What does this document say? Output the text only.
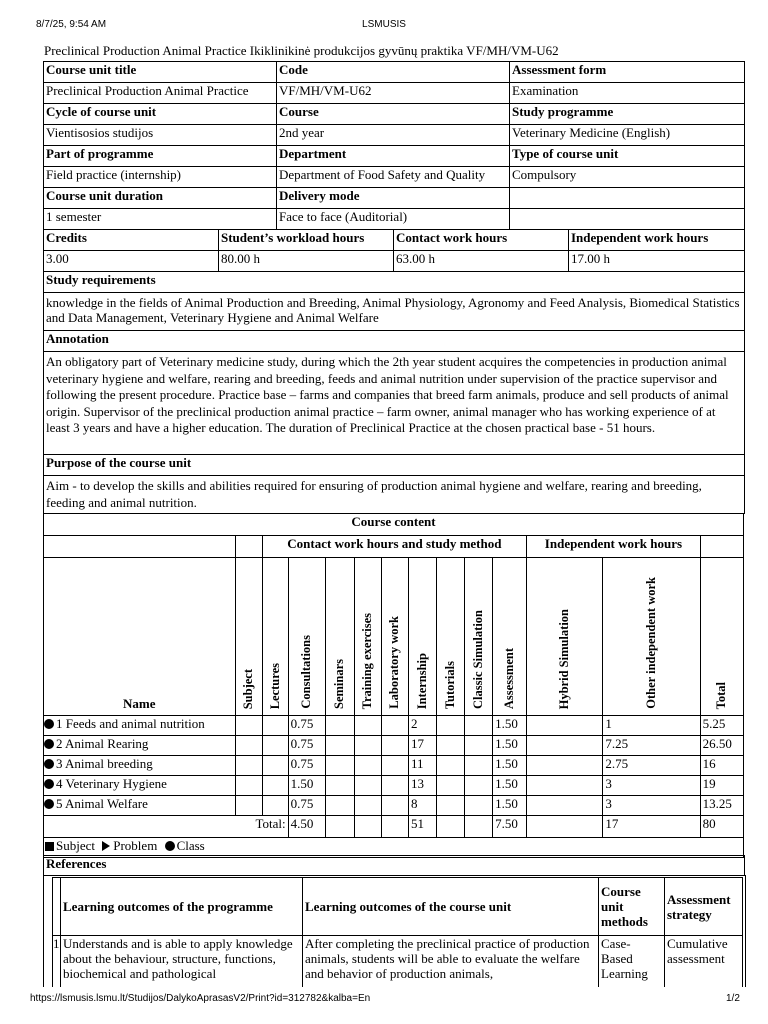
8/7/25, 9:54 AM	LSMUSIS
Preclinical Production Animal Practice Ikiklinikinė produkcijos gyvūnų praktika VF/MH/VM-U62
Course unit title	Code	Assessment form
Preclinical Production Animal Practice	VF/MH/VM-U62	Examination
Cycle of course unit	Course	Study programme
Vientisosios studijos	2nd year	Veterinary Medicine (English)
Part of programme	Department	Type of course unit
Field practice (internship)	Department of Food Safety and Quality	Compulsory
Course unit duration	Delivery mode	
1 semester	Face to face (Auditorial)	
Credits	Student’s workload hours	Contact work hours	Independent work hours
3.00	80.00 h	63.00 h	17.00 h
Study requirements
knowledge in the fields of Animal Production and Breeding, Animal Physiology, Agronomy and Feed Analysis, Biomedical Statistics and Data Management, Veterinary Hygiene and Animal Welfare
Annotation
An obligatory part of Veterinary medicine study, during which the 2th year student acquires the competencies in production animal veterinary hygiene and welfare, rearing and breeding, feeds and animal nutrition under supervision of the practice supervisor and following the present procedure. Practice base – farms and companies that breed farm animals, produce and sell products of animal origin. Supervisor of the preclinical production animal practice – farm owner, animal manager who has working experience of at least 3 years and have a higher education. The duration of Preclinical Practice at the chosen practical base - 51 hours.
Purpose of the course unit
Aim - to develop the skills and abilities required for ensuring of production animal hygiene and welfare, rearing and breeding, feeding and animal nutrition.
Course content													
		Contact work hours and study method									Independent work hours		
Name	Subject	Lectures	Consultations	Seminars	Training exercises	Laboratory work	Internship	Tutorials	Classic Simulation	Assessment	Hybrid Simulation	Other independent work	Total
1 Feeds and animal nutrition			0.75				2			1.50		1	5.25
2 Animal Rearing			0.75				17			1.50		7.25	26.50
3 Animal breeding			0.75				11			1.50		2.75	16
4 Veterinary Hygiene			1.50				13			1.50		3	19
5 Animal Welfare			0.75				8			1.50		3	13.25
Total:			4.50				51			7.50		17	80
Subject Problem Class													
References
	Learning outcomes of the programme	Learning outcomes of the course unit	Course unit methods	Assessment strategy
1	Understands and is able to apply knowledge about the behaviour, structure, functions, biochemical and pathological	After completing the preclinical practice of production animals, students will be able to evaluate the welfare and behavior of production animals,	Case-Based Learning	Cumulative assessment
https://lsmusis.lsmu.lt/Studijos/DalykoAprasasV2/Print?id=312782&kalba=En	1/2
